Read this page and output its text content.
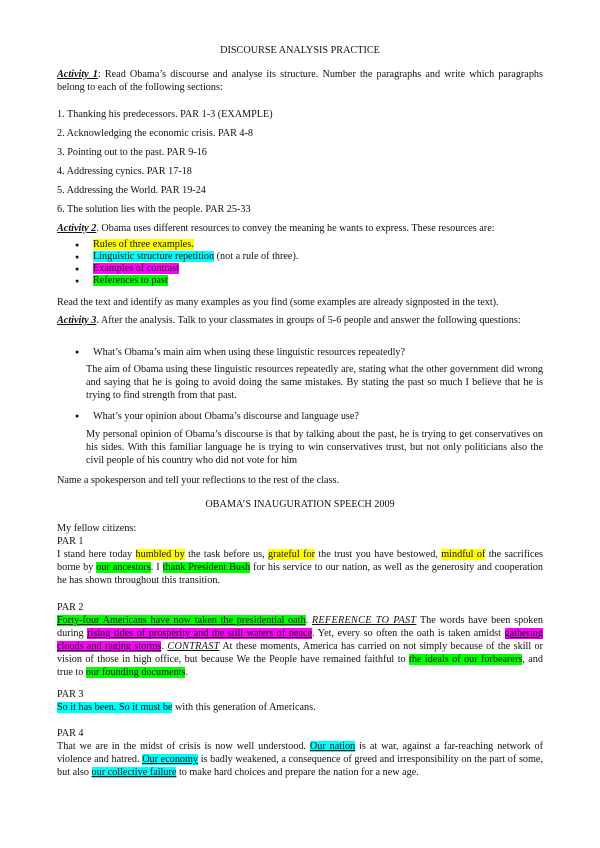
DISCOURSE ANALYSIS PRACTICE

Activity 1: Read Obama’s discourse and analyse its structure. Number the paragraphs and write which paragraphs belong to each of the following sections:

1. Thanking his predecessors. PAR 1-3 (EXAMPLE)
2. Acknowledging the economic crisis. PAR 4-8
3. Pointing out to the past. PAR 9-16
4. Addressing cynics. PAR 17-18
5. Addressing the World. PAR 19-24
6. The solution lies with the people. PAR 25-33

Activity 2. Obama uses different resources to convey the meaning he wants to express. These resources are:

● Rules of three examples.
● Linguistic structure repetition (not a rule of three).
● Examples of contrast
● References to past

Read the text and identify as many examples as you find (some examples are already signposted in the text).

Activity 3. After the analysis. Talk to your classmates in groups of 5-6 people and answer the following questions:

● What’s Obama’s main aim when using these linguistic resources repeatedly?

The aim of Obama using these linguistic resources repeatedly are, stating what the other government did wrong and saying that he is going to avoid doing the same mistakes. By stating the past so much I believe that he is trying to find strength from that past.

● What’s your opinion about Obama’s discourse and language use?

My personal opinion of Obama’s discourse is that by talking about the past, he is trying to get conservatives on his sides. With this familiar language he is trying to win conservatives trust, but not only politicians also the civil people of his country who did not vote for him

Name a spokesperson and tell your reflections to the rest of the class.

OBAMA’S INAUGURATION SPEECH 2009
My fellow citizens:
PAR 1

I stand here today humbled by the task before us, grateful for the trust you have bestowed, mindful of the sacrifices borne by our ancestors. I thank President Bush for his service to our nation, as well as the generosity and cooperation he has shown throughout this transition.

PAR 2

Forty-four Americans have now taken the presidential oath. REFERENCE TO PAST The words have been spoken during rising tides of prosperity and the still waters of peace. Yet, every so often the oath is taken amidst gathering clouds and raging storms. CONTRAST At these moments, America has carried on not simply because of the skill or vision of those in high office, but because We the People have remained faithful to the ideals of our forbearers, and true to our founding documents.

PAR 3

So it has been. So it must be with this generation of Americans.

PAR 4

That we are in the midst of crisis is now well understood. Our nation is at war, against a far-reaching network of violence and hatred. Our economy is badly weakened, a consequence of greed and irresponsibility on the part of some, but also our collective failure to make hard choices and prepare the nation for a new age.
